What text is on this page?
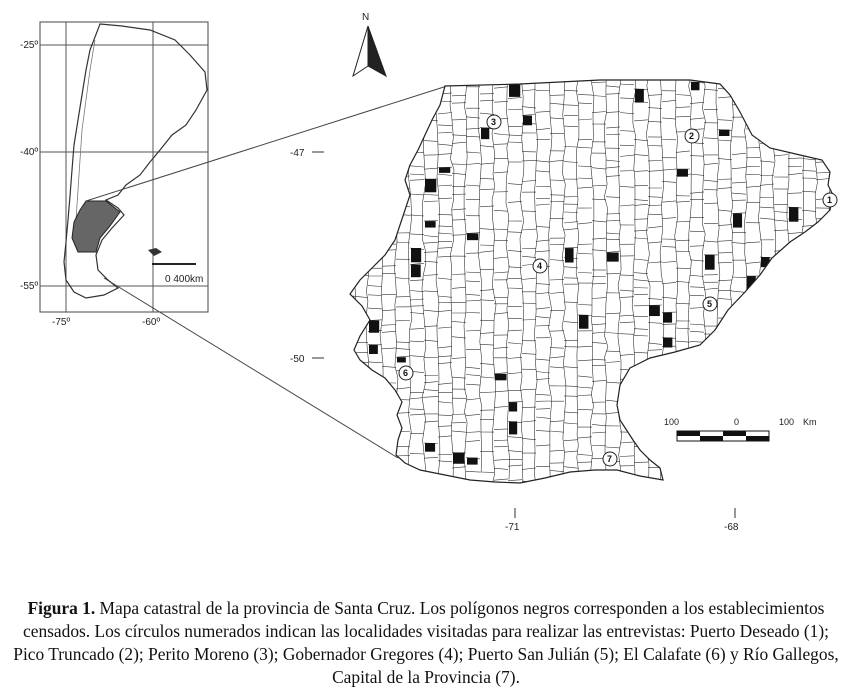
0 400km
-25º
-40º
-55º
-75º	-60º
N
1
2
3
4
5
6
7
-47
-50
-71	-68
100	0	100 Km
Figura 1. Mapa catastral de la provincia de Santa Cruz. Los polígonos negros corresponden a los establecimientos censados. Los círculos numerados indican las localidades visitadas para realizar las entrevistas: Puerto Deseado (1); Pico Truncado (2); Perito Moreno (3); Gobernador Gregores (4); Puerto San Julián (5); El Calafate (6) y Río Gallegos, Capital de la Provincia (7).
